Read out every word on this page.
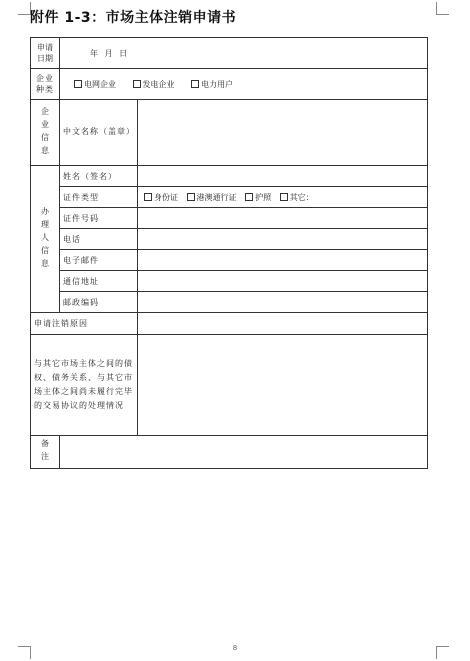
附件 1-3：市场主体注销申请书
申请日期	年 月 日	
企业种类	电网企业 发电企业 电力用户	
企业信息	中文名称（盖章）	
办理人信息	姓名（签名）	
	证件类型	身份证 港澳通行证 护照 其它：
	证件号码	
	电话	
	电子邮件	
	通信地址	
	邮政编码	
申请注销原因		
与其它市场主体之间的债权、债务关系、与其它市场主体之间尚未履行完毕的交易协议的处理情况		
备注		
8
